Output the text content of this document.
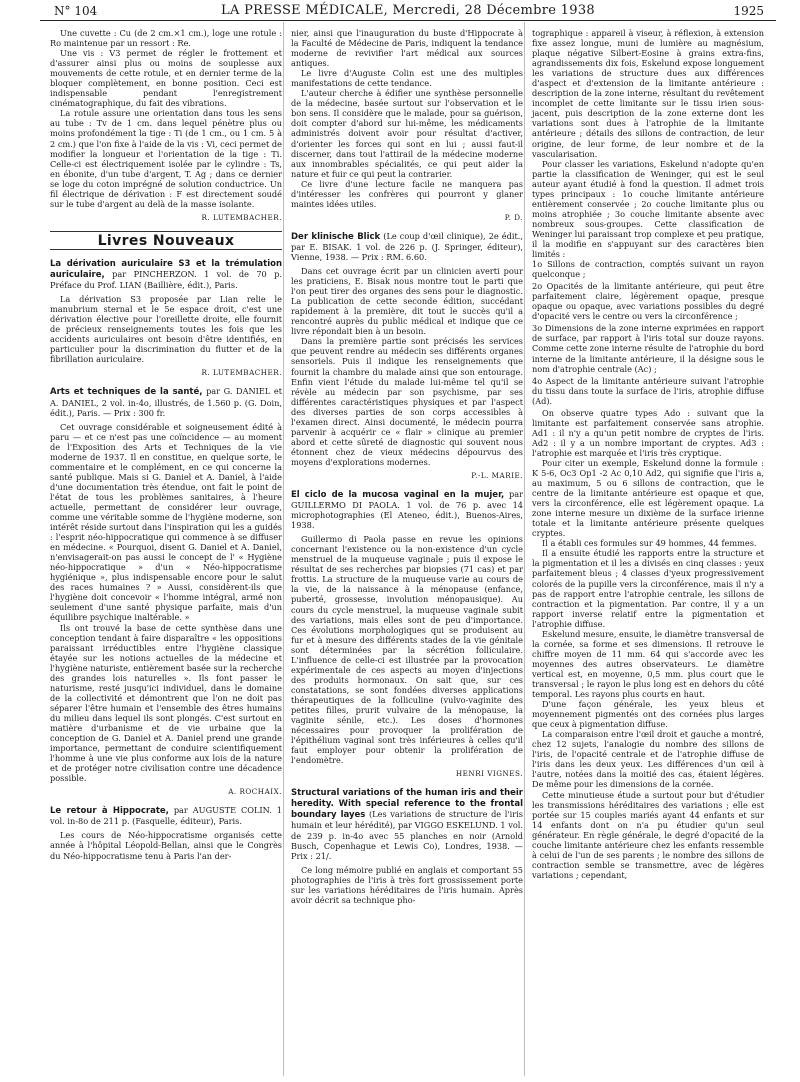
N° 104	LA PRESSE MÉDICALE, Mercredi, 28 Décembre 1938	1925

Une cuvette : Cu (de 2 cm.×1 cm.), loge une rotule : Ro maintenue par un ressort : Re.

Une vis : V3 permet de régler le frottement et d'assurer ainsi plus ou moins de souplesse aux mouvements de cette rotule, et en dernier terme de la bloquer complètement, en bonne position. Ceci est indispensable pendant l'enregistrement cinématographique, du fait des vibrations.

La rotule assure une orientation dans tous les sens au tube : Tv de 1 cm. dans lequel pénètre plus ou moins profondément la tige : Ti (de 1 cm., ou 1 cm. 5 à 2 cm.) que l'on fixe à l'aide de la vis : Vi, ceci permet de modifier la longueur et l'orientation de la tige : Ti. Celle-ci est électriquement isolée par le cylindre : Ts, en ébonite, d'un tube d'argent, T. Ag ; dans ce dernier se loge du coton imprégné de solution conductrice. Un fil électrique de dérivation : F est directement soudé sur le tube d'argent au delà de la masse isolante.

R. LUTEMBACHER.

Livres Nouveaux

La dérivation auriculaire S3 et la trémulation auriculaire, par PINCHERZON. 1 vol. de 70 p. Préface du Prof. LIAN (Baillière, édit.), Paris.

La dérivation S3 proposée par Lian relie le manubrium sternal et le 5e espace droit, c'est une dérivation élective pour l'oreillette droite, elle fournit de précieux renseignements toutes les fois que les accidents auriculaires ont besoin d'être identifiés, en particulier pour la discrimination du flutter et de la fibrillation auriculaire.

R. LUTEMBACHER.

Arts et techniques de la santé, par G. DANIEL et A. DANIEL, 2 vol. in-4o, illustrés, de 1.560 p. (G. Doin, édit.), Paris. — Prix : 300 fr.

Cet ouvrage considérable et soigneusement édité à paru — et ce n'est pas une coïncidence — au moment de l'Exposition des Arts et Techniques de la vie moderne de 1937. Il en constitue, en quelque sorte, le commentaire et le complément, en ce qui concerne la santé publique. Mais si G. Daniel et A. Daniel, à l'aide d'une documentation très étendue, ont fait le point de l'état de tous les problèmes sanitaires, à l'heure actuelle, permettant de considérer leur ouvrage, comme une véritable somme de l'hygiène moderne, son intérêt réside surtout dans l'inspiration qui les a guidés : l'esprit néo-hippocratique qui commence à se diffuser en médecine. « Pourquoi, disent G. Daniel et A. Daniel, n'envisagerait-on pas aussi le concept de l' « Hygiène néo-hippocratique » d'un « Néo-hippocratisme hygiénique », plus indispensable encore pour le salut des races humaines ? » Aussi, considèrent-ils que l'hygiène doit concevoir « l'homme intégral, armé non seulement d'une santé physique parfaite, mais d'un équilibre psychique inaltérable. »

Ils ont trouvé la base de cette synthèse dans une conception tendant à faire disparaître « les oppositions paraissant irréductibles entre l'hygiène classique étayée sur les notions actuelles de la médecine et l'hygiène naturiste, entièrement basée sur la recherche des grandes lois naturelles ». Ils font passer le naturisme, resté jusqu'ici individuel, dans le domaine de la collectivité et démontrent que l'on ne doit pas séparer l'être humain et l'ensemble des êtres humains du milieu dans lequel ils sont plongés. C'est surtout en matière d'urbanisme et de vie urbaine que la conception de G. Daniel et A. Daniel prend une grande importance, permettant de conduire scientifiquement l'homme à une vie plus conforme aux lois de la nature et de protéger notre civilisation contre une décadence possible.

A. ROCHAIX.

Le retour à Hippocrate, par AUGUSTE COLIN. 1 vol. in-8o de 211 p. (Fasquelle, éditeur), Paris.

Les cours de Néo-hippocratisme organisés cette année à l'hôpital Léopold-Bellan, ainsi que le Congrès du Néo-hippocratisme tenu à Paris l'an der-

nier, ainsi que l'inauguration du buste d'Hippocrate à la Faculté de Médecine de Paris, indiquent la tendance moderne de revivifier l'art médical aux sources antiques.

Le livre d'Auguste Colin est une des multiples manifestations de cette tendance.

L'auteur cherche à édifier une synthèse personnelle de la médecine, basée surtout sur l'observation et le bon sens. Il considère que le malade, pour sa guérison, doit compter d'abord sur lui-même, les médicaments administrés doivent avoir pour résultat d'activer, d'orienter les forces qui sont en lui ; aussi faut-il discerner, dans tout l'attirail de la médecine moderne aux innombrables spécialités, ce qui peut aider la nature et fuir ce qui peut la contrarier.

Ce livre d'une lecture facile ne manquera pas d'intéresser les confrères qui pourront y glaner maintes idées utiles.

P. D.

Der klinische Blick (Le coup d'œil clinique), 2e édit., par E. BISAK. 1 vol. de 226 p. (J. Springer, éditeur), Vienne, 1938. — Prix : RM. 6.60.

Dans cet ouvrage écrit par un clinicien averti pour les praticiens, E. Bisak nous montre tout le parti que l'on peut tirer des organes des sens pour le diagnostic. La publication de cette seconde édition, succédant rapidement à la première, dit tout le succès qu'il a rencontré auprès du public médical et indique que ce livre répondait bien à un besoin.

Dans la première partie sont précisés les services que peuvent rendre au médecin ses différents organes sensoriels. Puis il indique les renseignements que fournit la chambre du malade ainsi que son entourage. Enfin vient l'étude du malade lui-même tel qu'il se révèle au médecin par son psychisme, par ses différentes caractéristiques physiques et par l'aspect des diverses parties de son corps accessibles à l'examen direct. Ainsi documenté, le médecin pourra parvenir à acquérir ce « flair » clinique au premier abord et cette sûreté de diagnostic qui souvent nous étonnent chez de vieux médecins dépourvus des moyens d'explorations modernes.

P.-L. MARIE.

El ciclo de la mucosa vaginal en la mujer, par GUILLERMO DI PAOLA. 1 vol. de 76 p. avec 14 microphotographies (El Ateneo, édit.), Buenos-Aires, 1938.

Guillermo di Paola passe en revue les opinions concernant l'existence ou la non-existence d'un cycle menstruel de la muqueuse vaginale ; puis il expose le résultat de ses recherches par biopsies (71 cas) et par frottis. La structure de la muqueuse varie au cours de la vie, de la naissance à la ménopause (enfance, puberté, grossesse, involution ménopausique). Au cours du cycle menstruel, la muqueuse vaginale subit des variations, mais elles sont de peu d'importance. Ces évolutions morphologiques qui se produisent au fur et à mesure des différents stades de la vie génitale sont déterminées par la sécrétion folliculaire. L'influence de celle-ci est illustrée par la provocation expérimentale de ces aspects au moyen d'injections des produits hormonaux. On sait que, sur ces constatations, se sont fondées diverses applications thérapeutiques de la folliculine (vulvo-vaginite des petites filles, prurit vulvaire de la ménopause, la vaginite sénile, etc.). Les doses d'hormones nécessaires pour provoquer la prolifération de l'épithélium vaginal sont très inférieures à celles qu'il faut employer pour obtenir la prolifération de l'endomètre.

HENRI VIGNES.

Structural variations of the human iris and their heredity. With special reference to the frontal boundary layes (Les variations de structure de l'iris humain et leur hérédité), par VIGGO ESKELUND. 1 vol. de 239 p. in-4o avec 55 planches en noir (Arnold Busch, Copenhague et Lewis Co), Londres, 1938. — Prix : 21/.

Ce long mémoire publié en anglais et comportant 55 photographies de l'iris à très fort grossissement porte sur les variations héréditaires de l'iris humain. Après avoir décrit sa technique pho-

tographique : appareil à viseur, à réflexion, à extension fixe assez longue, muni de lumière au magnésium, plaque négative Silbert-Eosine à grains extra-fins, agrandissements dix fois, Eskelund expose longuement les variations de structure dues aux différences d'aspect et d'extension de la limitante antérieure : description de la zone interne, résultant du revêtement incomplet de cette limitante sur le tissu irien sous-jacent, puis description de la zone externe dont les variations sont dues à l'atrophie de la limitante antérieure ; détails des sillons de contraction, de leur origine, de leur forme, de leur nombre et de la vascularisation.

Pour classer les variations, Eskelund n'adopte qu'en partie la classification de Weninger, qui est le seul auteur ayant étudié à fond la question. Il admet trois types principaux : 1o couche limitante antérieure entièrement conservée ; 2o couche limitante plus ou moins atrophiée ; 3o couche limitante absente avec nombreux sous-groupes. Cette classification de Weninger lui paraissant trop complexe et peu pratique, il la modifie en s'appuyant sur des caractères bien limités :

1o Sillons de contraction, comptés suivant un rayon quelconque ;

2o Opacités de la limitante antérieure, qui peut être parfaitement claire, légèrement opaque, presque opaque ou opaque, avec variations possibles du degré d'opacité vers le centre ou vers la circonférence ;

3o Dimensions de la zone interne exprimées en rapport de surface, par rapport à l'iris total sur douze rayons. Comme cette zone interne résulte de l'atrophie du bord interne de la limitante antérieure, il la désigne sous le nom d'atrophie centrale (Ac) ;

4o Aspect de la limitante antérieure suivant l'atrophie du tissu dans toute la surface de l'iris, atrophie diffuse (Ad).

On observe quatre types Ado : suivant que la limitante est parfaitement conservée sans atrophie. Ad1 : il n'y a qu'un petit nombre de cryptes de l'iris. Ad2 : il y a un nombre important de cryptes. Ad3 : l'atrophie est marquée et l'iris très cryptique.

Pour citer un exemple, Eskelund donne la formule : K 5-6, Oc3 Op1 -2 Ac 0,10 Ad2, qui signifie que l'iris a, au maximum, 5 ou 6 sillons de contraction, que le centre de la limitante antérieure est opaque et que, vers la circonférence, elle est légèrement opaque. La zone interne mesure un dixième de la surface irienne totale et la limitante antérieure présente quelques cryptes.

Il a établi ces formules sur 49 hommes, 44 femmes.

Il a ensuite étudié les rapports entre la structure et la pigmentation et il les a divisés en cinq classes : yeux parfaitement bleus ; 4 classes d'yeux progressivement colorés de la pupille vers la circonférence, mais il n'y a pas de rapport entre l'atrophie centrale, les sillons de contraction et la pigmentation. Par contre, il y a un rapport inverse relatif entre la pigmentation et l'atrophie diffuse.

Eskelund mesure, ensuite, le diamètre transversal de la cornée, sa forme et ses dimensions. Il retrouve le chiffre moyen de 11 mm. 64 qui s'accorde avec les moyennes des autres observateurs. Le diamètre vertical est, en moyenne, 0,5 mm. plus court que le transversal ; le rayon le plus long est en dehors du côté temporal. Les rayons plus courts en haut.

D'une façon générale, les yeux bleus et moyennement pigmentés ont des cornées plus larges que ceux à pigmentation diffuse.

La comparaison entre l'œil droit et gauche a montré, chez 12 sujets, l'analogie du nombre des sillons de l'iris, de l'opacité centrale et de l'atrophie diffuse de l'iris dans les deux yeux. Les différences d'un œil à l'autre, notées dans la moitié des cas, étaient légères. De même pour les dimensions de la cornée.

Cette minutieuse étude a surtout pour but d'étudier les transmissions héréditaires des variations ; elle est portée sur 15 couples mariés ayant 44 enfants et sur 14 enfants dont on n'a pu étudier qu'un seul générateur. En règle générale, le degré d'opacité de la couche limitante antérieure chez les enfants ressemble à celui de l'un de ses parents ; le nombre des sillons de contraction semble se transmettre, avec de légères variations ; cependant,
